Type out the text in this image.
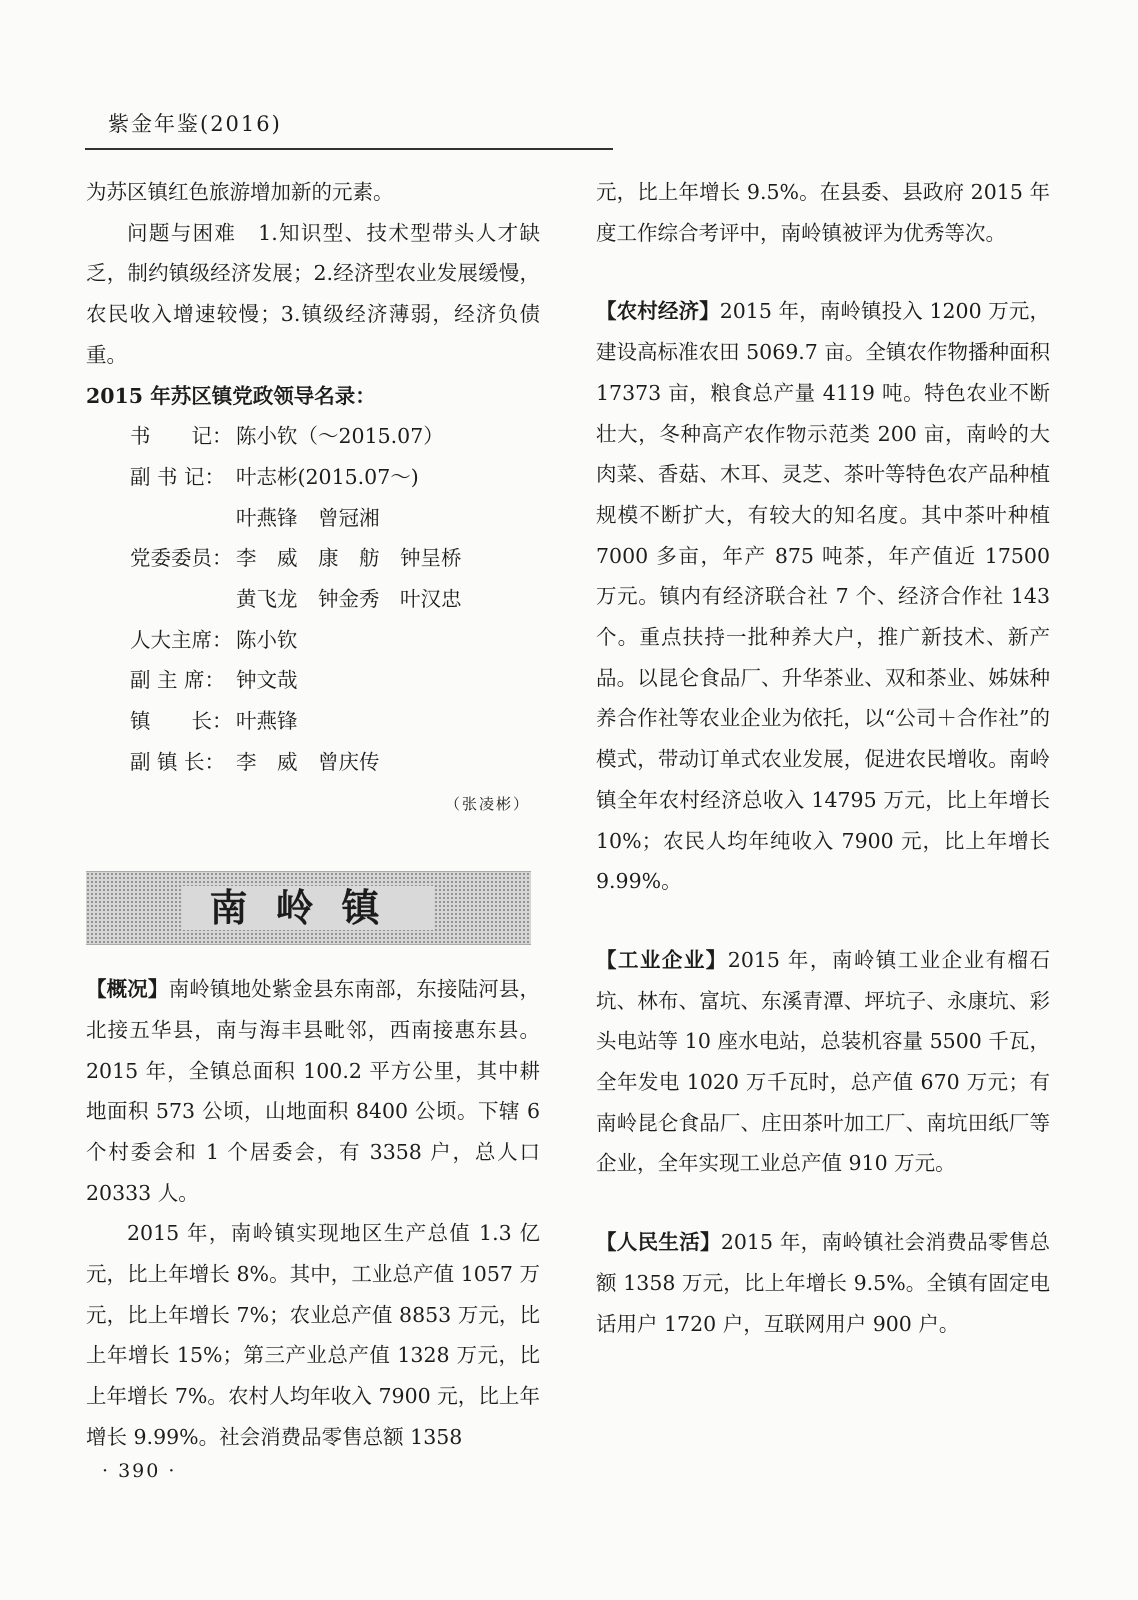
紫金年鉴(2016)

为苏区镇红色旅游增加新的元素。

问题与困难　1.知识型、技术型带头人才缺乏，制约镇级经济发展；2.经济型农业发展缓慢，农民收入增速较慢；3.镇级经济薄弱，经济负债重。

2015 年苏区镇党政领导名录：

书　　记： 陈小钦（～2015.07）
副 书 记： 叶志彬(2015.07～)
叶燕锋　曾冠湘
党委委员： 李　威　康　舫　钟呈桥
黄飞龙　钟金秀　叶汉忠
人大主席： 陈小钦
副 主 席： 钟文哉
镇　　长： 叶燕锋
副 镇 长： 李　威　曾庆传
（张凌彬）
南岭镇

【概况】南岭镇地处紫金县东南部，东接陆河县，北接五华县，南与海丰县毗邻，西南接惠东县。2015 年，全镇总面积 100.2 平方公里，其中耕地面积 573 公顷，山地面积 8400 公顷。下辖 6 个村委会和 1 个居委会，有 3358 户，总人口 20333 人。

2015 年，南岭镇实现地区生产总值 1.3 亿元，比上年增长 8%。其中，工业总产值 1057 万元，比上年增长 7%；农业总产值 8853 万元，比上年增长 15%；第三产业总产值 1328 万元，比上年增长 7%。农村人均年收入 7900 元，比上年增长 9.99%。社会消费品零售总额 1358

元，比上年增长 9.5%。在县委、县政府 2015 年度工作综合考评中，南岭镇被评为优秀等次。

【农村经济】2015 年，南岭镇投入 1200 万元，建设高标准农田 5069.7 亩。全镇农作物播种面积 17373 亩，粮食总产量 4119 吨。特色农业不断壮大，冬种高产农作物示范类 200 亩，南岭的大肉菜、香菇、木耳、灵芝、茶叶等特色农产品种植规模不断扩大，有较大的知名度。其中茶叶种植 7000 多亩，年产 875 吨茶，年产值近 17500 万元。镇内有经济联合社 7 个、经济合作社 143 个。重点扶持一批种养大户，推广新技术、新产品。以昆仑食品厂、升华茶业、双和茶业、姊妹种养合作社等农业企业为依托，以“公司＋合作社”的模式，带动订单式农业发展，促进农民增收。南岭镇全年农村经济总收入 14795 万元，比上年增长 10%；农民人均年纯收入 7900 元，比上年增长 9.99%。

【工业企业】2015 年，南岭镇工业企业有榴石坑、林布、富坑、东溪青潭、坪坑子、永康坑、彩头电站等 10 座水电站，总装机容量 5500 千瓦，全年发电 1020 万千瓦时，总产值 670 万元；有南岭昆仑食品厂、庄田茶叶加工厂、南坑田纸厂等企业，全年实现工业总产值 910 万元。

【人民生活】2015 年，南岭镇社会消费品零售总额 1358 万元，比上年增长 9.5%。全镇有固定电话用户 1720 户，互联网用户 900 户。

· 390 ·
